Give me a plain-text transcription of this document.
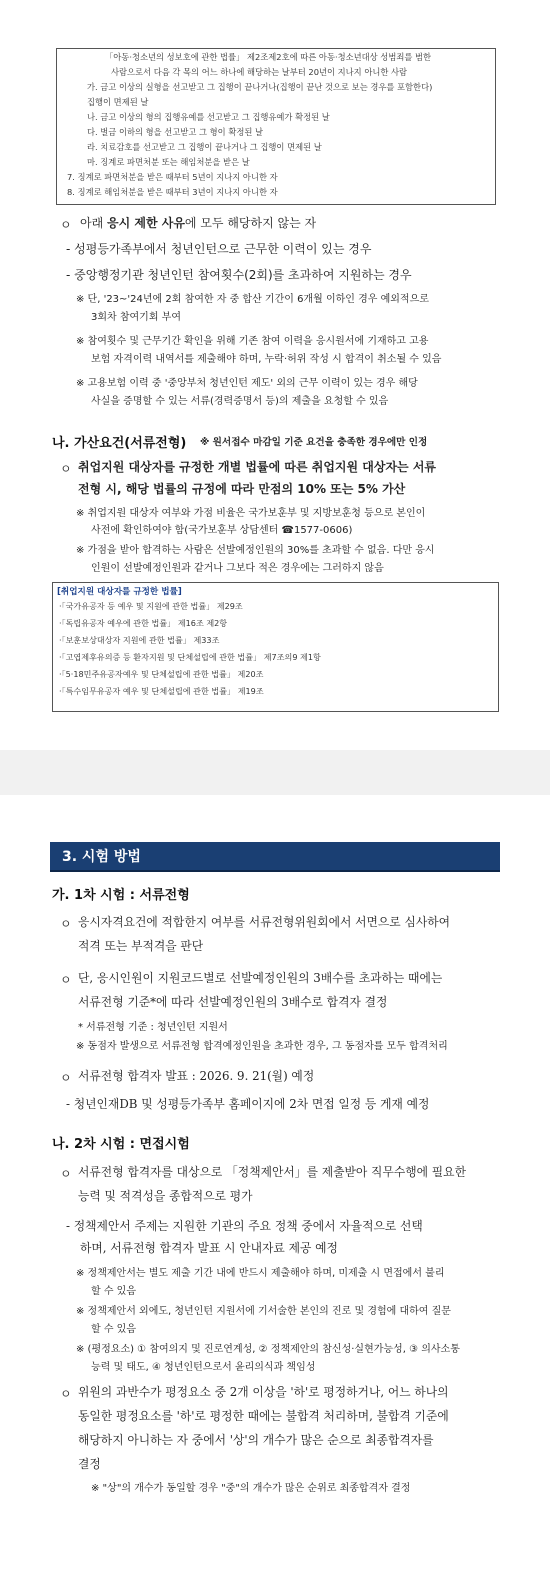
「아동·청소년의 성보호에 관한 법률」 제2조제2호에 따른 아동·청소년대상 성범죄를 범한
사람으로서 다음 각 목의 어느 하나에 해당하는 날부터 20년이 지나지 아니한 사람
가. 금고 이상의 실형을 선고받고 그 집행이 끝나거나(집행이 끝난 것으로 보는 경우를 포함한다)
집행이 면제된 날
나. 금고 이상의 형의 집행유예를 선고받고 그 집행유예가 확정된 날
다. 벌금 이하의 형을 선고받고 그 형이 확정된 날
라. 치료감호를 선고받고 그 집행이 끝나거나 그 집행이 면제된 날
마. 징계로 파면처분 또는 해임처분을 받은 날
7. 징계로 파면처분을 받은 때부터 5년이 지나지 아니한 자
8. 징계로 해임처분을 받은 때부터 3년이 지나지 아니한 자
ㅇ 아래 응시 제한 사유에 모두 해당하지 않는 자
- 성평등가족부에서 청년인턴으로 근무한 이력이 있는 경우
- 중앙행정기관 청년인턴 참여횟수(2회)를 초과하여 지원하는 경우
※ 단, '23~'24년에 2회 참여한 자 중 합산 기간이 6개월 이하인 경우 예외적으로
3회차 참여기회 부여
※ 참여횟수 및 근무기간 확인을 위해 기존 참여 이력을 응시원서에 기재하고 고용
보험 자격이력 내역서를 제출해야 하며, 누락·허위 작성 시 합격이 취소될 수 있음
※ 고용보험 이력 중 '중앙부처 청년인턴 제도' 외의 근무 이력이 있는 경우 해당
사실을 증명할 수 있는 서류(경력증명서 등)의 제출을 요청할 수 있음
나. 가산요건(서류전형) ※ 원서접수 마감일 기준 요건을 충족한 경우에만 인정
ㅇ 취업지원 대상자를 규정한 개별 법률에 따른 취업지원 대상자는 서류
전형 시, 해당 법률의 규정에 따라 만점의 10% 또는 5% 가산
※ 취업지원 대상자 여부와 가점 비율은 국가보훈부 및 지방보훈청 등으로 본인이
사전에 확인하여야 함(국가보훈부 상담센터 ☎1577-0606)
※ 가점을 받아 합격하는 사람은 선발예정인원의 30%를 초과할 수 없음. 다만 응시
인원이 선발예정인원과 같거나 그보다 적은 경우에는 그러하지 않음
[취업지원 대상자를 규정한 법률]
·「국가유공자 등 예우 및 지원에 관한 법률」 제29조
·「독립유공자 예우에 관한 법률」 제16조 제2항
·「보훈보상대상자 지원에 관한 법률」 제33조
·「고엽제후유의증 등 환자지원 및 단체설립에 관한 법률」 제7조의9 제1항
·「5·18민주유공자예우 및 단체설립에 관한 법률」 제20조
·「특수임무유공자 예우 및 단체설립에 관한 법률」 제19조
3. 시험 방법
가. 1차 시험 : 서류전형
ㅇ 응시자격요건에 적합한지 여부를 서류전형위원회에서 서면으로 심사하여
적격 또는 부적격을 판단
ㅇ 단, 응시인원이 지원코드별로 선발예정인원의 3배수를 초과하는 때에는
서류전형 기준*에 따라 선발예정인원의 3배수로 합격자 결정
* 서류전형 기준 : 청년인턴 지원서
※ 동점자 발생으로 서류전형 합격예정인원을 초과한 경우, 그 동점자를 모두 합격처리
ㅇ 서류전형 합격자 발표 : 2026. 9. 21(월) 예정
- 청년인재DB 및 성평등가족부 홈페이지에 2차 면접 일정 등 게재 예정
나. 2차 시험 : 면접시험
ㅇ 서류전형 합격자를 대상으로 「정책제안서」를 제출받아 직무수행에 필요한
능력 및 적격성을 종합적으로 평가
- 정책제안서 주제는 지원한 기관의 주요 정책 중에서 자율적으로 선택
하며, 서류전형 합격자 발표 시 안내자료 제공 예정
※ 정책제안서는 별도 제출 기간 내에 반드시 제출해야 하며, 미제출 시 면접에서 불리
할 수 있음
※ 정책제안서 외에도, 청년인턴 지원서에 기서술한 본인의 진로 및 경험에 대하여 질문
할 수 있음
※ (평정요소) ① 참여의지 및 진로연계성, ② 정책제안의 참신성·실현가능성, ③ 의사소통
능력 및 태도, ④ 청년인턴으로서 윤리의식과 책임성
ㅇ 위원의 과반수가 평정요소 중 2개 이상을 '하'로 평정하거나, 어느 하나의
동일한 평정요소를 '하'로 평정한 때에는 불합격 처리하며, 불합격 기준에
해당하지 아니하는 자 중에서 '상'의 개수가 많은 순으로 최종합격자를
결정
※ "상"의 개수가 동일할 경우 "중"의 개수가 많은 순위로 최종합격자 결정
